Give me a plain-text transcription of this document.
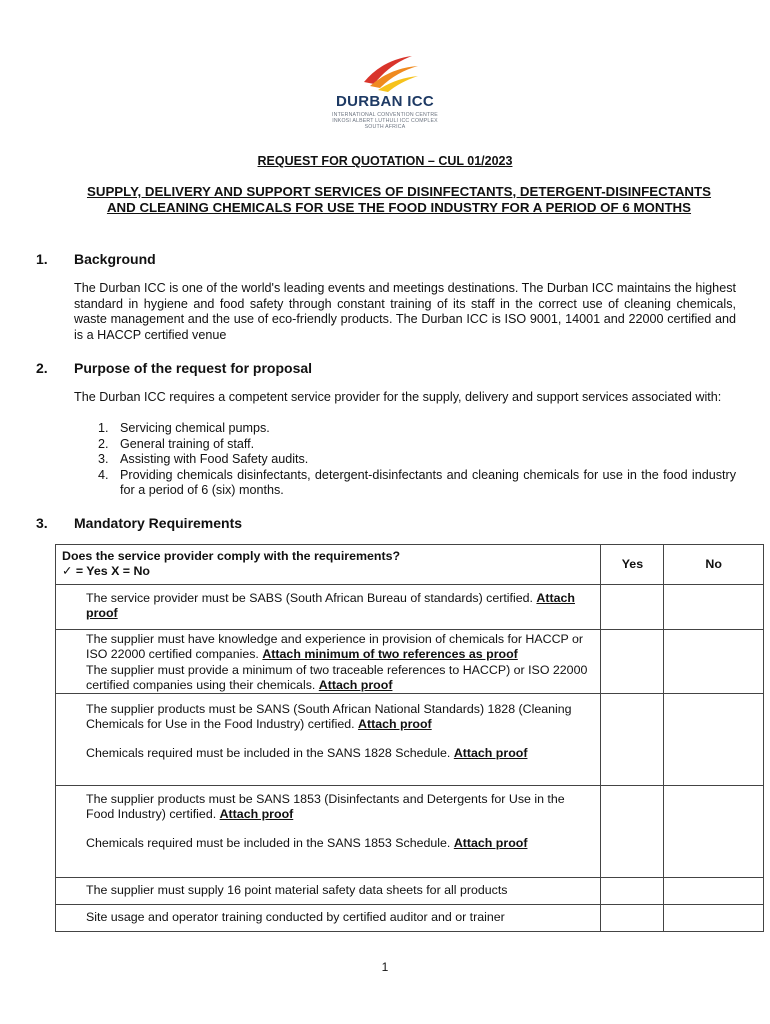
DURBAN ICC
INTERNATIONAL CONVENTION CENTRE
INKOSI ALBERT LUTHULI ICC COMPLEX
SOUTH AFRICA
REQUEST FOR QUOTATION – CUL 01/2023
SUPPLY, DELIVERY AND SUPPORT SERVICES OF DISINFECTANTS, DETERGENT-DISINFECTANTS AND CLEANING CHEMICALS FOR USE THE FOOD INDUSTRY FOR A PERIOD OF 6 MONTHS
1. Background
The Durban ICC is one of the world's leading events and meetings destinations. The Durban ICC maintains the highest standard in hygiene and food safety through constant training of its staff in the correct use of cleaning chemicals, waste management and the use of eco-friendly products. The Durban ICC is ISO 9001, 14001 and 22000 certified and is a HACCP certified venue
2. Purpose of the request for proposal
The Durban ICC requires a competent service provider for the supply, delivery and support services associated with:
1. Servicing chemical pumps.
2. General training of staff.
3. Assisting with Food Safety audits.
4. Providing chemicals disinfectants, detergent-disinfectants and cleaning chemicals for use in the food industry for a period of 6 (six) months.
3. Mandatory Requirements
Does the service provider comply with the requirements?
✓ = Yes X = No	Yes	No
The service provider must be SABS (South African Bureau of standards) certified. Attach proof		

The supplier must have knowledge and experience in provision of chemicals for HACCP or ISO 22000 certified companies. Attach minimum of two references as proof
The supplier must provide a minimum of two traceable references to HACCP) or ISO 22000 certified companies using their chemicals. Attach proof		

The supplier products must be SANS (South African National Standards) 1828 (Cleaning Chemicals for Use in the Food Industry) certified. Attach proof
Chemicals required must be included in the SANS 1828 Schedule. Attach proof		

The supplier products must be SANS 1853 (Disinfectants and Detergents for Use in the Food Industry) certified. Attach proof
Chemicals required must be included in the SANS 1853 Schedule. Attach proof		

The supplier must supply 16 point material safety data sheets for all products		
Site usage and operator training conducted by certified auditor and or trainer		
1
